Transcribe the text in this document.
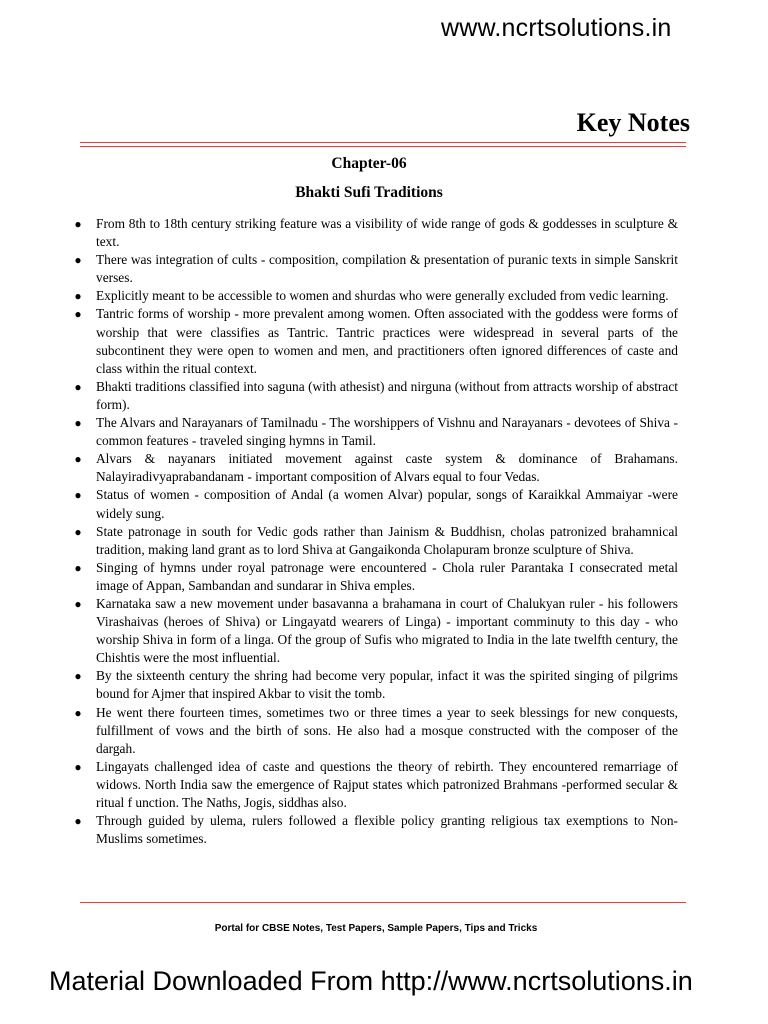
www.ncrtsolutions.in
Key Notes
Chapter-06
Bhakti Sufi Traditions
● From 8th to 18th century striking feature was a visibility of wide range of gods & goddesses in sculpture & text.
● There was integration of cults - composition, compilation & presentation of puranic texts in simple Sanskrit verses.
● Explicitly meant to be accessible to women and shurdas who were generally excluded from vedic learning.
● Tantric forms of worship - more prevalent among women. Often associated with the goddess were forms of worship that were classifies as Tantric. Tantric practices were widespread in several parts of the subcontinent they were open to women and men, and practitioners often ignored differences of caste and class within the ritual context.
● Bhakti traditions classified into saguna (with athesist) and nirguna (without from attracts worship of abstract form).
● The Alvars and Narayanars of Tamilnadu - The worshippers of Vishnu and Narayanars - devotees of Shiva - common features - traveled singing hymns in Tamil.
● Alvars & nayanars initiated movement against caste system & dominance of Brahamans. Nalayiradivyaprabandanam - important composition of Alvars equal to four Vedas.
● Status of women - composition of Andal (a women Alvar) popular, songs of Karaikkal Ammaiyar -were widely sung.
● State patronage in south for Vedic gods rather than Jainism & Buddhisn, cholas patronized brahamnical tradition, making land grant as to lord Shiva at Gangaikonda Cholapuram bronze sculpture of Shiva.
● Singing of hymns under royal patronage were encountered - Chola ruler Parantaka I consecrated metal image of Appan, Sambandan and sundarar in Shiva emples.
● Karnataka saw a new movement under basavanna a brahamana in court of Chalukyan ruler - his followers Virashaivas (heroes of Shiva) or Lingayatd wearers of Linga) - important comminuty to this day - who worship Shiva in form of a linga. Of the group of Sufis who migrated to India in the late twelfth century, the Chishtis were the most influential.
● By the sixteenth century the shring had become very popular, infact it was the spirited singing of pilgrims bound for Ajmer that inspired Akbar to visit the tomb.
● He went there fourteen times, sometimes two or three times a year to seek blessings for new conquests, fulfillment of vows and the birth of sons. He also had a mosque constructed with the composer of the dargah.
● Lingayats challenged idea of caste and questions the theory of rebirth. They encountered remarriage of widows. North India saw the emergence of Rajput states which patronized Brahmans -performed secular & ritual f unction. The Naths, Jogis, siddhas also.
● Through guided by ulema, rulers followed a flexible policy granting religious tax exemptions to Non-Muslims sometimes.
Portal for CBSE Notes, Test Papers, Sample Papers, Tips and Tricks
Material Downloaded From http://www.ncrtsolutions.in
